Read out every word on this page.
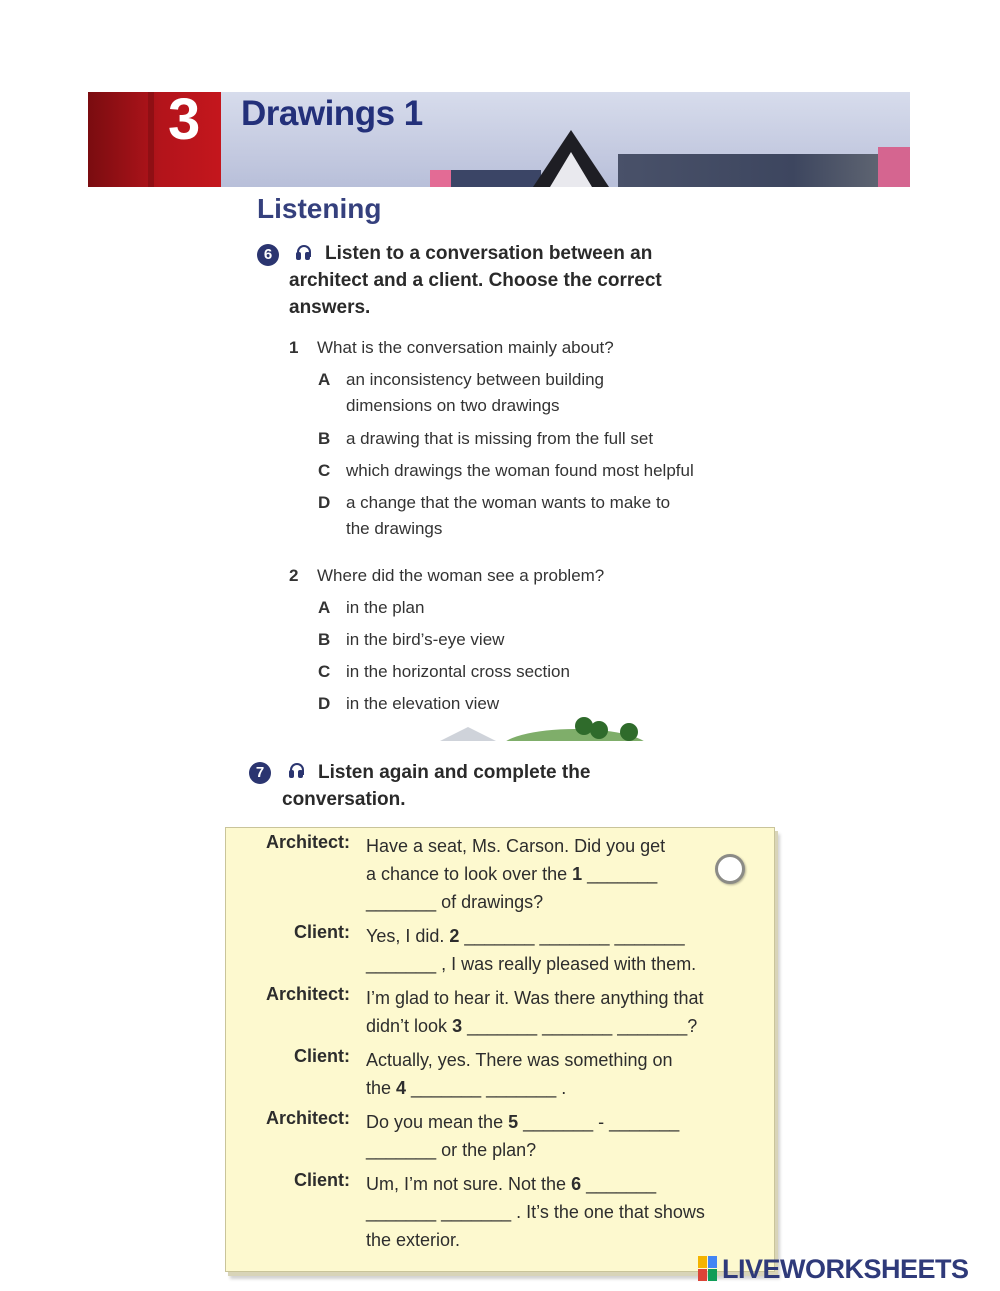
3 Drawings 1
Listening
6	Listen to a conversation between an
architect and a client. Choose the correct
answers.
1 What is the conversation mainly about?
A an inconsistency between building
dimensions on two drawings
B a drawing that is missing from the full set
C which drawings the woman found most helpful
D a change that the woman wants to make to
the drawings
2 Where did the woman see a problem?
A in the plan
B in the bird’s-eye view
C in the horizontal cross section
D in the elevation view
7	Listen again and complete the
conversation.
Architect: Have a seat, Ms. Carson. Did you get
a chance to look over the 1 _______
_______ of drawings?
Client: Yes, I did. 2 _______ _______ _______
_______ , I was really pleased with them.
Architect: I’m glad to hear it. Was there anything that
didn’t look 3 _______ _______ _______?
Client: Actually, yes. There was something on
the 4 _______ _______ .
Architect: Do you mean the 5 _______ - _______
_______ or the plan?
Client: Um, I’m not sure. Not the 6 _______
_______ _______ . It’s the one that shows
the exterior.
LIVEWORKSHEETS
